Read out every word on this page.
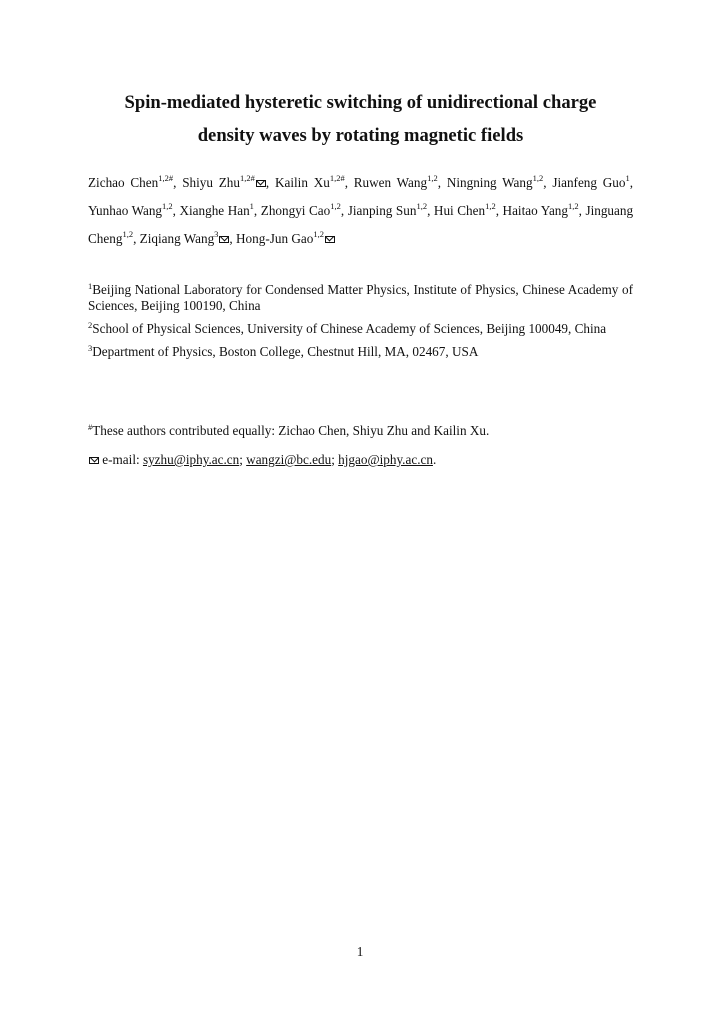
Spin-mediated hysteretic switching of unidirectional charge
density waves by rotating magnetic fields
Zichao Chen$^{1,2\#}$, Shiyu Zhu$^{1,2\#}$ , Kailin $Xu^{1,2\#}$, Ruwen Wang$^{1,2}$, Ningning Wang$^{1,2}$, Jianfeng Guo$^1$, Yunhao Wang$^{1,2}$, Xianghe Han$^1$, Zhongyi Cao$^{1,2}$, Jianping Sun$^{1,2}$, Hui Chen$^{1,2}$, Haitao Yang$^{1,2}$, Jinguang Cheng$^{1,2}$, Ziqiang Wang$^3$ , Hong-Jun Gao$^{1,2}$
$^1$Beijing National Laboratory for Condensed Matter Physics, Institute of Physics, Chinese Academy of Sciences, Beijing 100190, China
$^2$School of Physical Sciences, University of Chinese Academy of Sciences, Beijing 100049, China
$^3$Department of Physics, Boston College, Chestnut Hill, MA, 02467, USA
#These authors contributed equally: Zichao Chen, Shiyu Zhu and Kailin Xu.
e-mail: syzhu@iphy.ac.cn; wangzi@bc.edu; hjgao@iphy.ac.cn.
1
